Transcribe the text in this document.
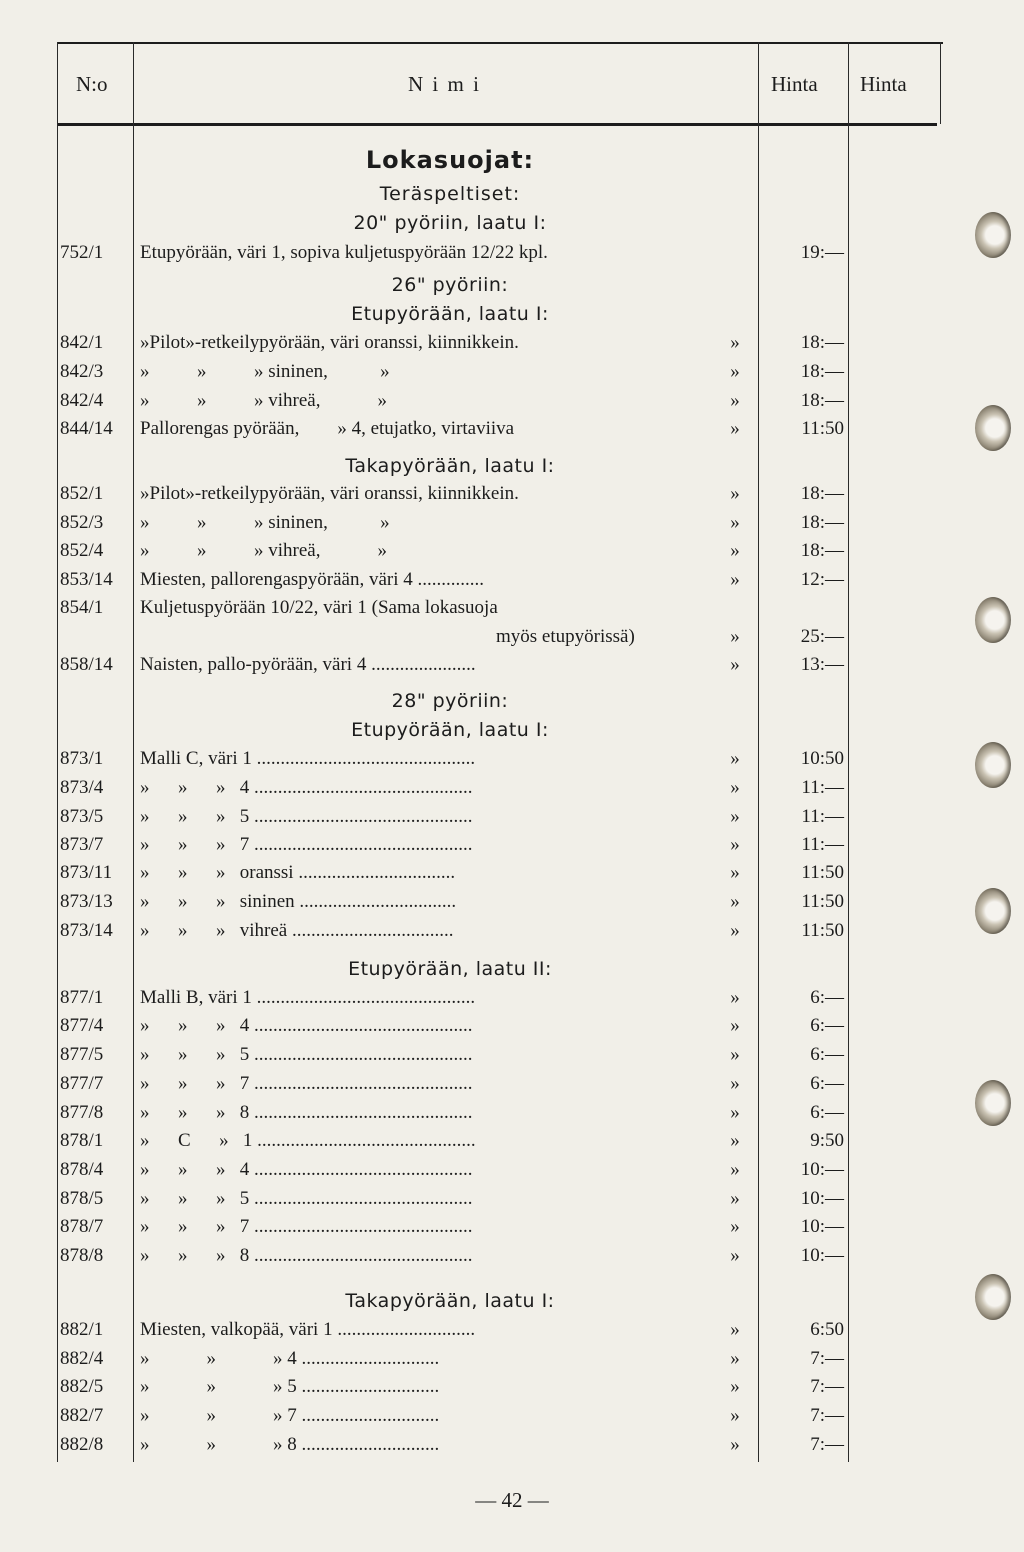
N:o	N i m i	Hinta Hinta
Lokasuojat:
Teräspeltiset:
20" pyöriin, laatu I:
26" pyöriin:
Etupyörään, laatu I:
Takapyörään, laatu I:
28" pyöriin:
Etupyörään, laatu I:
Etupyörään, laatu II:
Takapyörään, laatu I:
752/1	Etupyörään, väri 1, sopiva kuljetuspyörään 12/22 kpl.	19:—
842/1	»Pilot»-retkeilypyörään, väri oranssi, kiinnikkein.	»	18:—
842/3	»          »          » sininen,           »	»	18:—
842/4	»          »          » vihreä,            »	»	18:—
844/14	Pallorengas pyörään,        » 4, etujatko, virtaviiva	»	11:50
852/1	»Pilot»-retkeilypyörään, väri oranssi, kiinnikkein.	»	18:—
852/3	»          »          » sininen,           »	»	18:—
852/4	»          »          » vihreä,            »	»	18:—
853/14	Miesten, pallorengaspyörään, väri 4 ..............	»	12:—
854/1	Kuljetuspyörään 10/22, väri 1 (Sama lokasuoja
myös etupyörissä)	»	25:—
858/14	Naisten, pallo-pyörään, väri 4 ......................	»	13:—
873/1	Malli C, väri 1 ..............................................	»	10:50
873/4	»      »      »   4 ..............................................	»	11:—
873/5	»      »      »   5 ..............................................	»	11:—
873/7	»      »      »   7 ..............................................	»	11:—
873/11	»      »      »   oranssi .................................	»	11:50
873/13	»      »      »   sininen .................................	»	11:50
873/14	»      »      »   vihreä ..................................	»	11:50
877/1	Malli B, väri 1 ..............................................	»	6:—
877/4	»      »      »   4 ..............................................	»	6:—
877/5	»      »      »   5 ..............................................	»	6:—
877/7	»      »      »   7 ..............................................	»	6:—
877/8	»      »      »   8 ..............................................	»	6:—
878/1	»      C      »   1 ..............................................	»	9:50
878/4	»      »      »   4 ..............................................	»	10:—
878/5	»      »      »   5 ..............................................	»	10:—
878/7	»      »      »   7 ..............................................	»	10:—
878/8	»      »      »   8 ..............................................	»	10:—
882/1	Miesten, valkopää, väri 1 .............................	»	6:50
882/4	»            »            » 4 .............................	»	7:—
882/5	»            »            » 5 .............................	»	7:—
882/7	»            »            » 7 .............................	»	7:—
882/8	»            »            » 8 .............................	»	7:—
— 42 —
